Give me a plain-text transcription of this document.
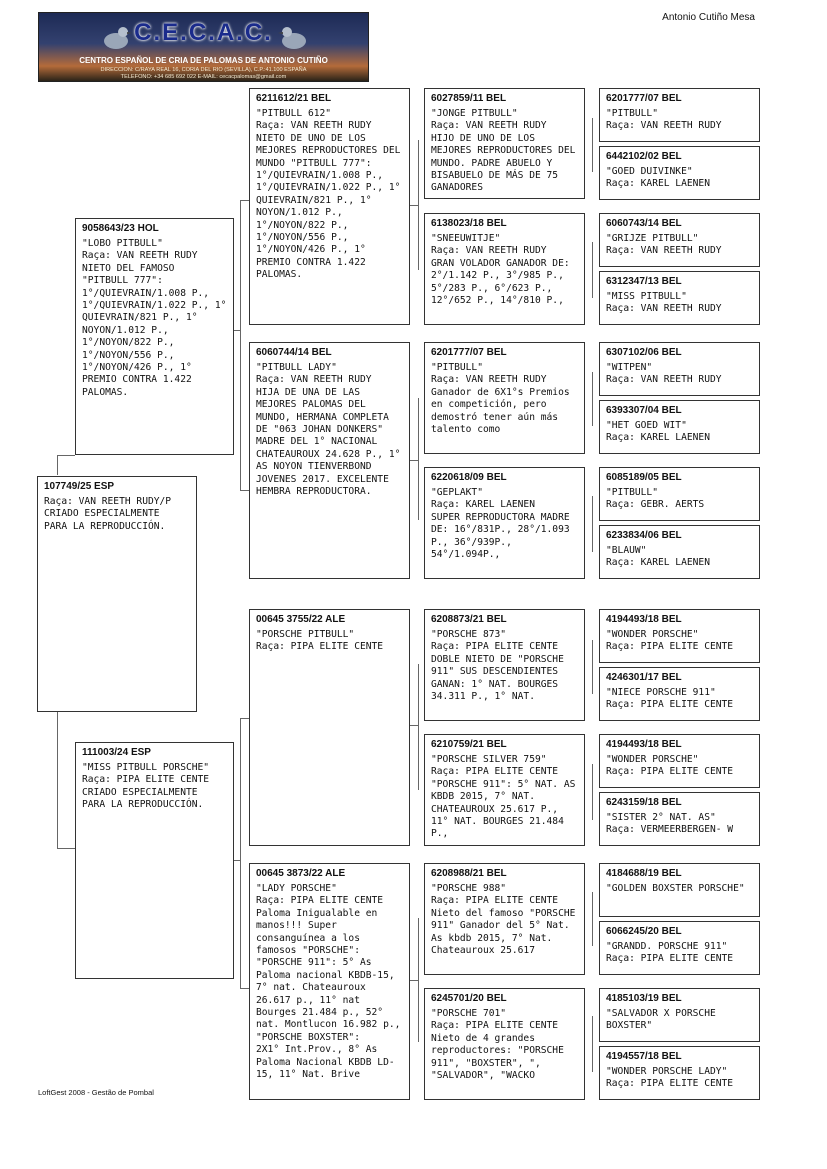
C.E.C.A.C.
CENTRO ESPAÑOL DE CRIA DE PALOMAS DE ANTONIO CUTIÑO
DIRECCION: C/RAYA REAL 16, CORIA DEL RIO (SEVILLA), C.P.:41.100 ESPAÑA
TELEFONO: +34 685 692 022 E-MAIL: cecacpalomas@gmail.com
Antonio Cutiño Mesa
107749/25 ESP
Raça: VAN REETH RUDY/P
CRIADO ESPECIALMENTE
PARA LA REPRODUCCIÓN.
9058643/23 HOL
"LOBO PITBULL"
Raça: VAN REETH RUDY
NIETO DEL FAMOSO
"PITBULL 777":
1°/QUIEVRAIN/1.008 P.,
1°/QUIEVRAIN/1.022 P., 1° QUIEVRAIN/821 P., 1° NOYON/1.012 P., 1°/NOYON/822 P., 1°/NOYON/556 P., 1°/NOYON/426 P., 1° PREMIO CONTRA 1.422 PALOMAS.
111003/24 ESP
"MISS PITBULL PORSCHE"
Raça: PIPA ELITE CENTE
CRIADO ESPECIALMENTE
PARA LA REPRODUCCIÓN.
6211612/21 BEL
"PITBULL 612"
Raça: VAN REETH RUDY
NIETO DE UNO DE LOS MEJORES REPRODUCTORES DEL MUNDO "PITBULL 777":
1°/QUIEVRAIN/1.008 P.,
1°/QUIEVRAIN/1.022 P., 1° QUIEVRAIN/821 P., 1° NOYON/1.012 P., 1°/NOYON/822 P., 1°/NOYON/556 P., 1°/NOYON/426 P., 1° PREMIO CONTRA 1.422 PALOMAS.
6060744/14 BEL
"PITBULL LADY"
Raça: VAN REETH RUDY
HIJA DE UNA DE LAS MEJORES PALOMAS DEL MUNDO, HERMANA COMPLETA DE "063 JOHAN DONKERS" MADRE DEL 1° NACIONAL CHATEAUROUX 24.628 P., 1° AS NOYON TIENVERBOND JOVENES 2017. EXCELENTE HEMBRA REPRODUCTORA.
00645 3755/22 ALE
"PORSCHE PITBULL"
Raça: PIPA ELITE CENTE
00645 3873/22 ALE
"LADY PORSCHE"
Raça: PIPA ELITE CENTE
Paloma Inigualable en manos!!! Super consanguínea a los famosos "PORSCHE":
"PORSCHE 911": 5° As Paloma nacional KBDB-15, 7° nat. Chateauroux 26.617 p., 11° nat Bourges 21.484 p., 52° nat. Montlucon 16.982 p.,
"PORSCHE BOXSTER":
2X1° Int.Prov., 8° As Paloma Nacional KBDB LD-15, 11° Nat. Brive
6027859/11 BEL
"JONGE PITBULL"
Raça: VAN REETH RUDY
HIJO DE UNO DE LOS MEJORES REPRODUCTORES DEL MUNDO. PADRE ABUELO Y BISABUELO DE MÁS DE 75 GANADORES
6138023/18 BEL
"SNEEUWITJE"
Raça: VAN REETH RUDY
GRAN VOLADOR GANADOR DE: 2°/1.142 P., 3°/985 P., 5°/283 P., 6°/623 P., 12°/652 P., 14°/810 P.,
6201777/07 BEL
"PITBULL"
Raça: VAN REETH RUDY
Ganador de 6X1°s Premios en competición, pero demostró tener aún más talento como
6220618/09 BEL
"GEPLAKT"
Raça: KAREL LAENEN
SUPER REPRODUCTORA MADRE DE: 16°/831P., 28°/1.093 P., 36°/939P., 54°/1.094P.,
6208873/21 BEL
"PORSCHE 873"
Raça: PIPA ELITE CENTE
DOBLE NIETO DE "PORSCHE 911" SUS DESCENDIENTES GANAN: 1° NAT. BOURGES 34.311 P., 1° NAT.
6210759/21 BEL
"PORSCHE SILVER 759"
Raça: PIPA ELITE CENTE
"PORSCHE 911": 5° NAT. AS KBDB 2015, 7° NAT. CHATEAUROUX 25.617 P., 11° NAT. BOURGES 21.484 P.,
6208988/21 BEL
"PORSCHE 988"
Raça: PIPA ELITE CENTE
Nieto del famoso "PORSCHE 911" Ganador del 5° Nat. As kbdb 2015, 7° Nat. Chateauroux 25.617
6245701/20 BEL
"PORSCHE 701"
Raça: PIPA ELITE CENTE
Nieto de 4 grandes reproductores: "PORSCHE 911", "BOXSTER", ",
"SALVADOR", "WACKO
6201777/07 BEL
"PITBULL"
Raça: VAN REETH RUDY
6442102/02 BEL
"GOED DUIVINKE"
Raça: KAREL LAENEN
6060743/14 BEL
"GRIJZE PITBULL"
Raça: VAN REETH RUDY
6312347/13 BEL
"MISS PITBULL"
Raça: VAN REETH RUDY
6307102/06 BEL
"WITPEN"
Raça: VAN REETH RUDY
6393307/04 BEL
"HET GOED WIT"
Raça: KAREL LAENEN
6085189/05 BEL
"PITBULL"
Raça: GEBR. AERTS
6233834/06 BEL
"BLAUW"
Raça: KAREL LAENEN
4194493/18 BEL
"WONDER PORSCHE"
Raça: PIPA ELITE CENTE
4246301/17 BEL
"NIECE PORSCHE 911"
Raça: PIPA ELITE CENTE
4194493/18 BEL
"WONDER PORSCHE"
Raça: PIPA ELITE CENTE
6243159/18 BEL
"SISTER 2° NAT. AS"
Raça: VERMEERBERGEN- W
4184688/19 BEL
"GOLDEN BOXSTER PORSCHE"
6066245/20 BEL
"GRANDD. PORSCHE 911"
Raça: PIPA ELITE CENTE
4185103/19 BEL
"SALVADOR X PORSCHE BOXSTER"
4194557/18 BEL
"WONDER PORSCHE LADY"
Raça: PIPA ELITE CENTE
LoftGest 2008 - Gestão de Pombal
